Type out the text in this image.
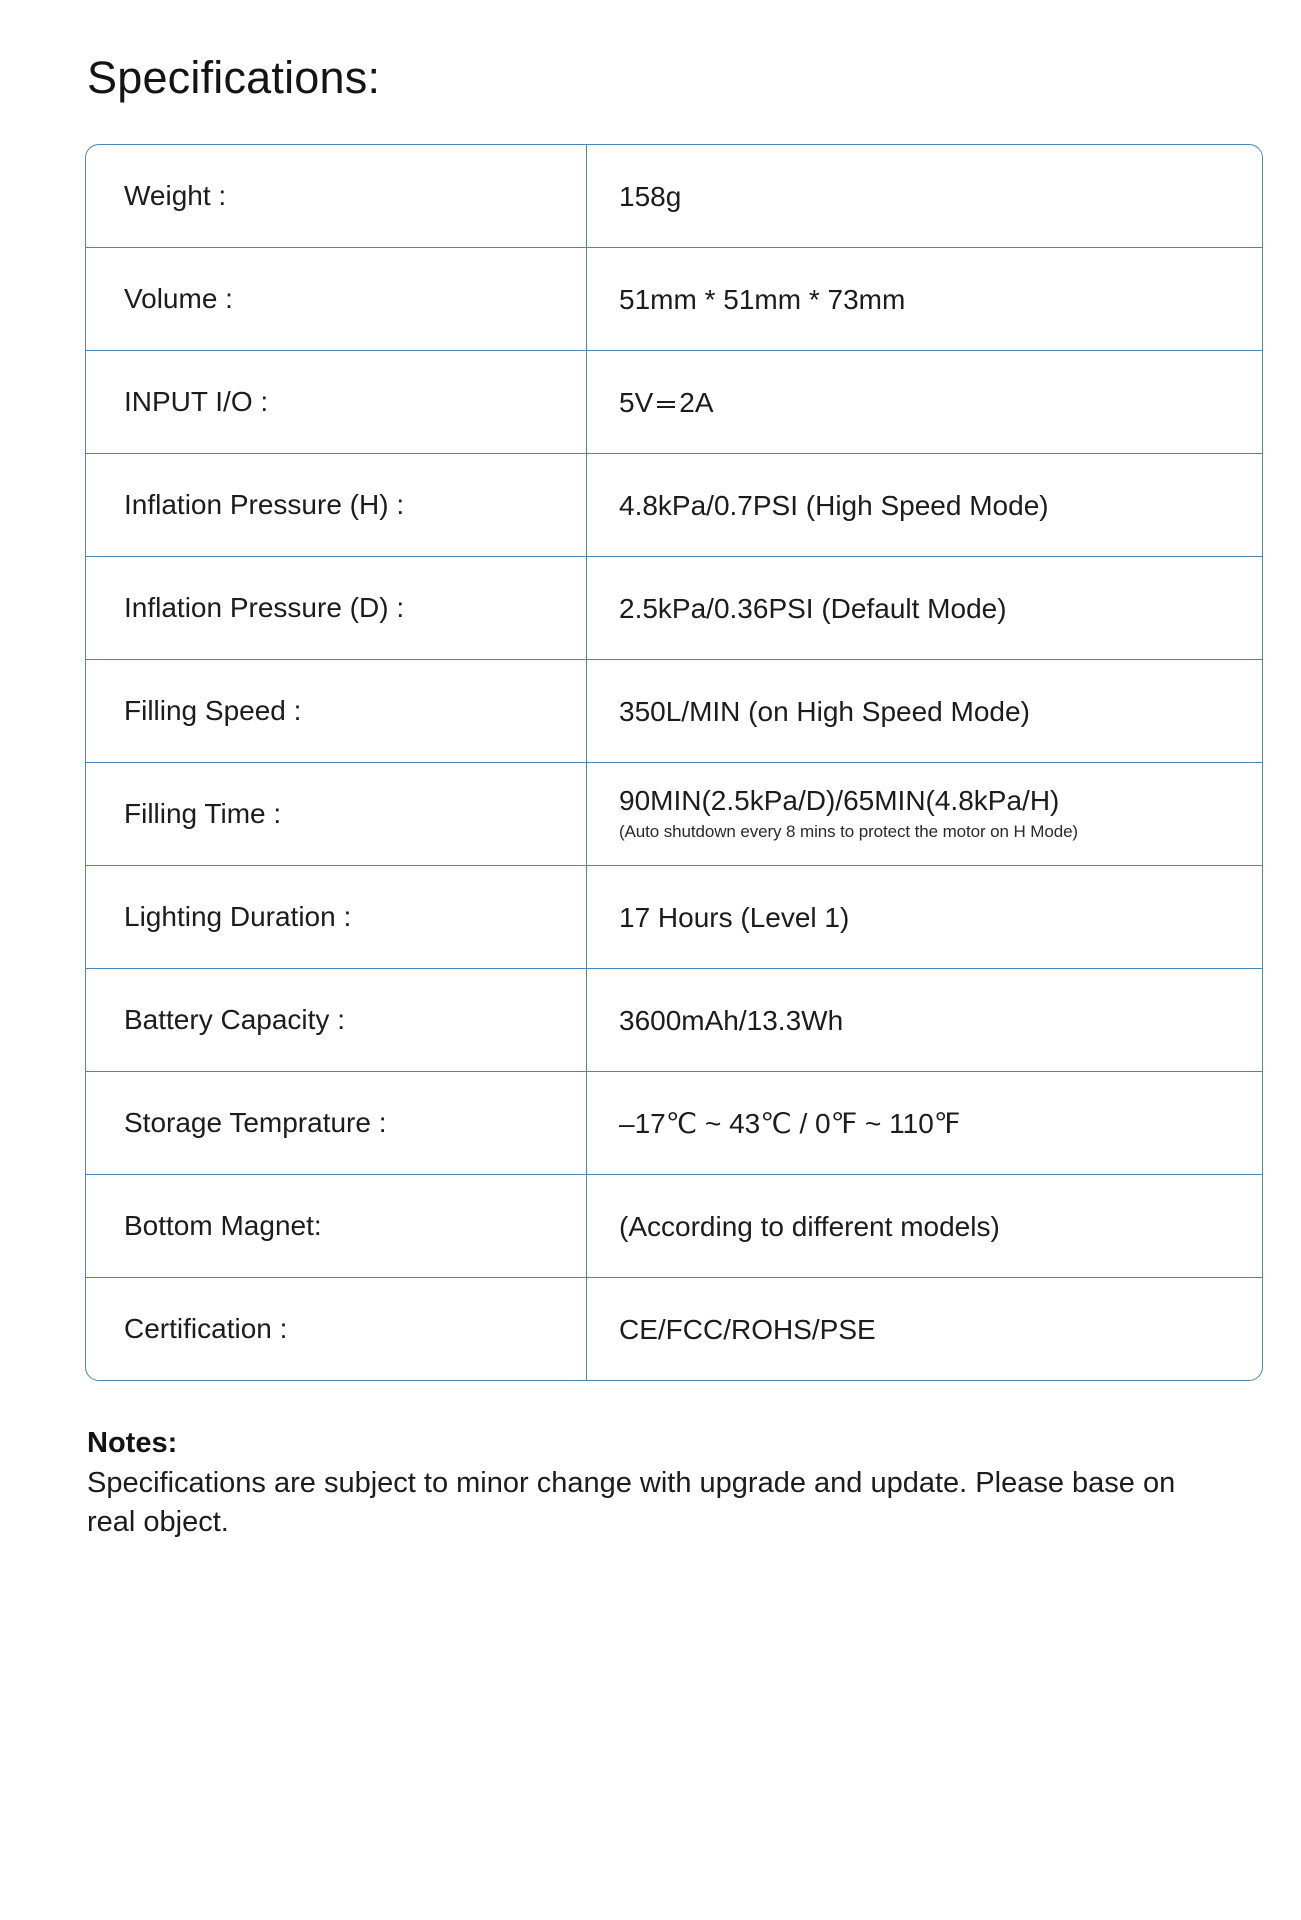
Specifications:
Weight :	158g

Volume :	51mm * 51mm * 73mm

INPUT I/O :	5V 2A

Inflation Pressure (H) :	4.8kPa/0.7PSI (High Speed Mode)

Inflation Pressure (D) :	2.5kPa/0.36PSI (Default Mode)

Filling Speed :	350L/MIN (on High Speed Mode)

Filling Time :	90MIN(2.5kPa/D)/65MIN(4.8kPa/H)
(Auto shutdown every 8 mins to protect the motor on H Mode)

Lighting Duration :	17 Hours (Level 1)

Battery Capacity :	3600mAh/13.3Wh

Storage Temprature :	–17℃ ~ 43℃ / 0℉ ~ 110℉

Bottom Magnet:	(According to different models)

Certification :	CE/FCC/ROHS/PSE

Notes:

Specifications are subject to minor change with upgrade and update. Please base on real object.
